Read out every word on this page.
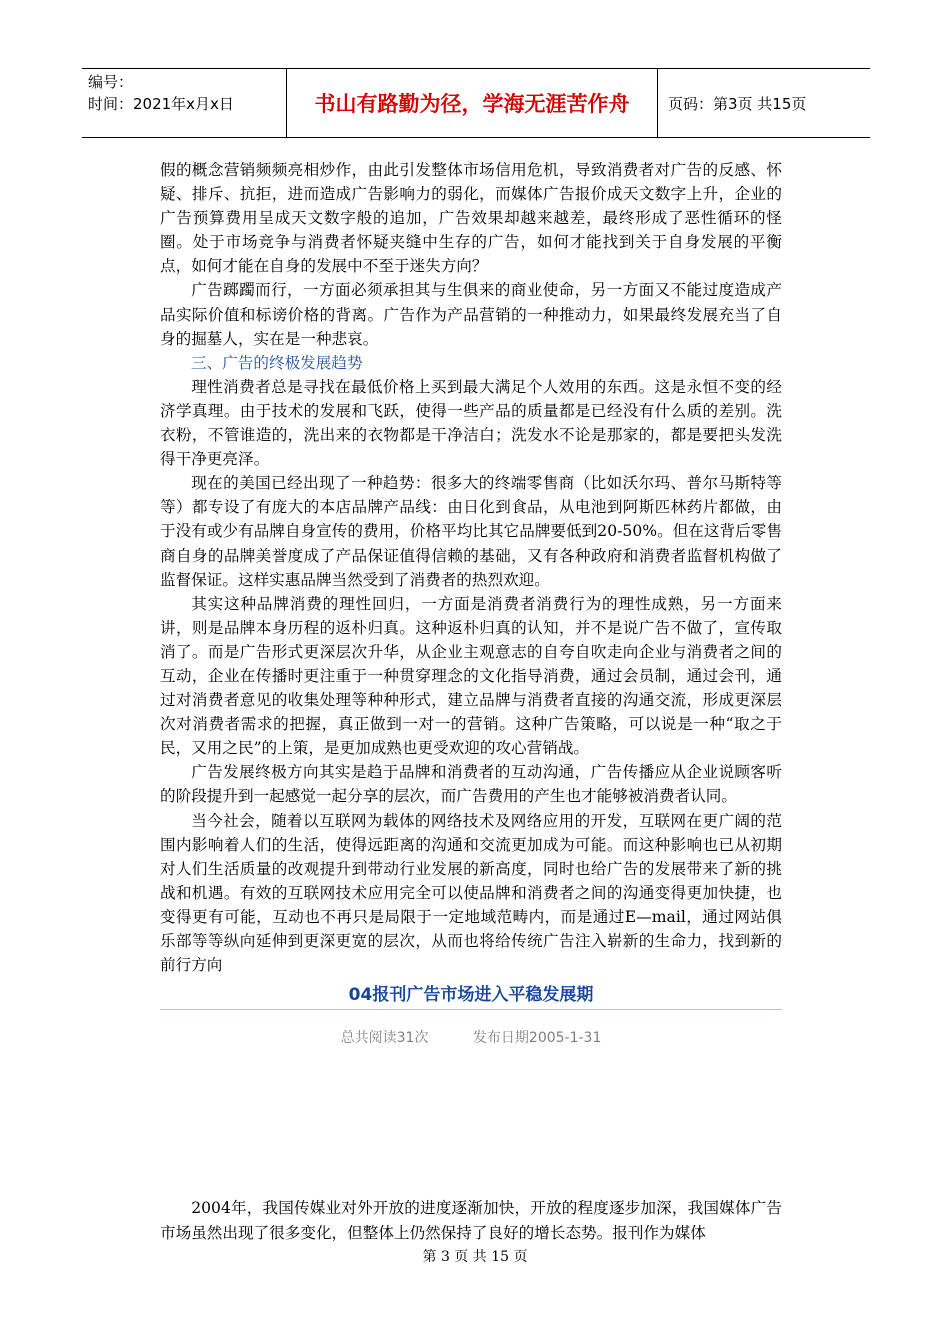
编号：
时间：2021年x月x日	书山有路勤为径，学海无涯苦作舟	页码：第3页 共15页

假的概念营销频频亮相炒作，由此引发整体市场信用危机，导致消费者对广告的反感、怀疑、排斥、抗拒，进而造成广告影响力的弱化，而媒体广告报价成天文数字上升，企业的广告预算费用呈成天文数字般的追加，广告效果却越来越差，最终形成了恶性循环的怪圈。处于市场竞争与消费者怀疑夹缝中生存的广告，如何才能找到关于自身发展的平衡点，如何才能在自身的发展中不至于迷失方向？

广告踯躅而行，一方面必须承担其与生俱来的商业使命，另一方面又不能过度造成产品实际价值和标谤价格的背离。广告作为产品营销的一种推动力，如果最终发展充当了自身的掘墓人，实在是一种悲哀。

三、广告的终极发展趋势

理性消费者总是寻找在最低价格上买到最大满足个人效用的东西。这是永恒不变的经济学真理。由于技术的发展和飞跃，使得一些产品的质量都是已经没有什么质的差别。洗衣粉，不管谁造的，洗出来的衣物都是干净洁白；洗发水不论是那家的，都是要把头发洗得干净更亮泽。

现在的美国已经出现了一种趋势：很多大的终端零售商（比如沃尔玛、普尔马斯特等等）都专设了有庞大的本店品牌产品线：由日化到食品，从电池到阿斯匹林药片都做，由于没有或少有品牌自身宣传的费用，价格平均比其它品牌要低到20-50%。但在这背后零售商自身的品牌美誉度成了产品保证值得信赖的基础，又有各种政府和消费者监督机构做了监督保证。这样实惠品牌当然受到了消费者的热烈欢迎。

其实这种品牌消费的理性回归，一方面是消费者消费行为的理性成熟，另一方面来讲，则是品牌本身历程的返朴归真。这种返朴归真的认知，并不是说广告不做了，宣传取消了。而是广告形式更深层次升华，从企业主观意志的自夸自吹走向企业与消费者之间的互动，企业在传播时更注重于一种贯穿理念的文化指导消费，通过会员制，通过会刊，通过对消费者意见的收集处理等种种形式，建立品牌与消费者直接的沟通交流，形成更深层次对消费者需求的把握，真正做到一对一的营销。这种广告策略，可以说是一种“取之于民，又用之民”的上策，是更加成熟也更受欢迎的攻心营销战。

广告发展终极方向其实是趋于品牌和消费者的互动沟通，广告传播应从企业说顾客听的阶段提升到一起感觉一起分享的层次，而广告费用的产生也才能够被消费者认同。

当今社会，随着以互联网为载体的网络技术及网络应用的开发，互联网在更广阔的范围内影响着人们的生活，使得远距离的沟通和交流更加成为可能。而这种影响也已从初期对人们生活质量的改观提升到带动行业发展的新高度，同时也给广告的发展带来了新的挑战和机遇。有效的互联网技术应用完全可以使品牌和消费者之间的沟通变得更加快捷，也变得更有可能，互动也不再只是局限于一定地域范畴内，而是通过E—mail，通过网站俱乐部等等纵向延伸到更深更宽的层次，从而也将给传统广告注入崭新的生命力，找到新的前行方向

04报刊广告市场进入平稳发展期
总共阅读31次	发布日期2005-1-31

2004年，我国传媒业对外开放的进度逐渐加快，开放的程度逐步加深，我国媒体广告市场虽然出现了很多变化，但整体上仍然保持了良好的增长态势。报刊作为媒体

第 3 页 共 15 页
